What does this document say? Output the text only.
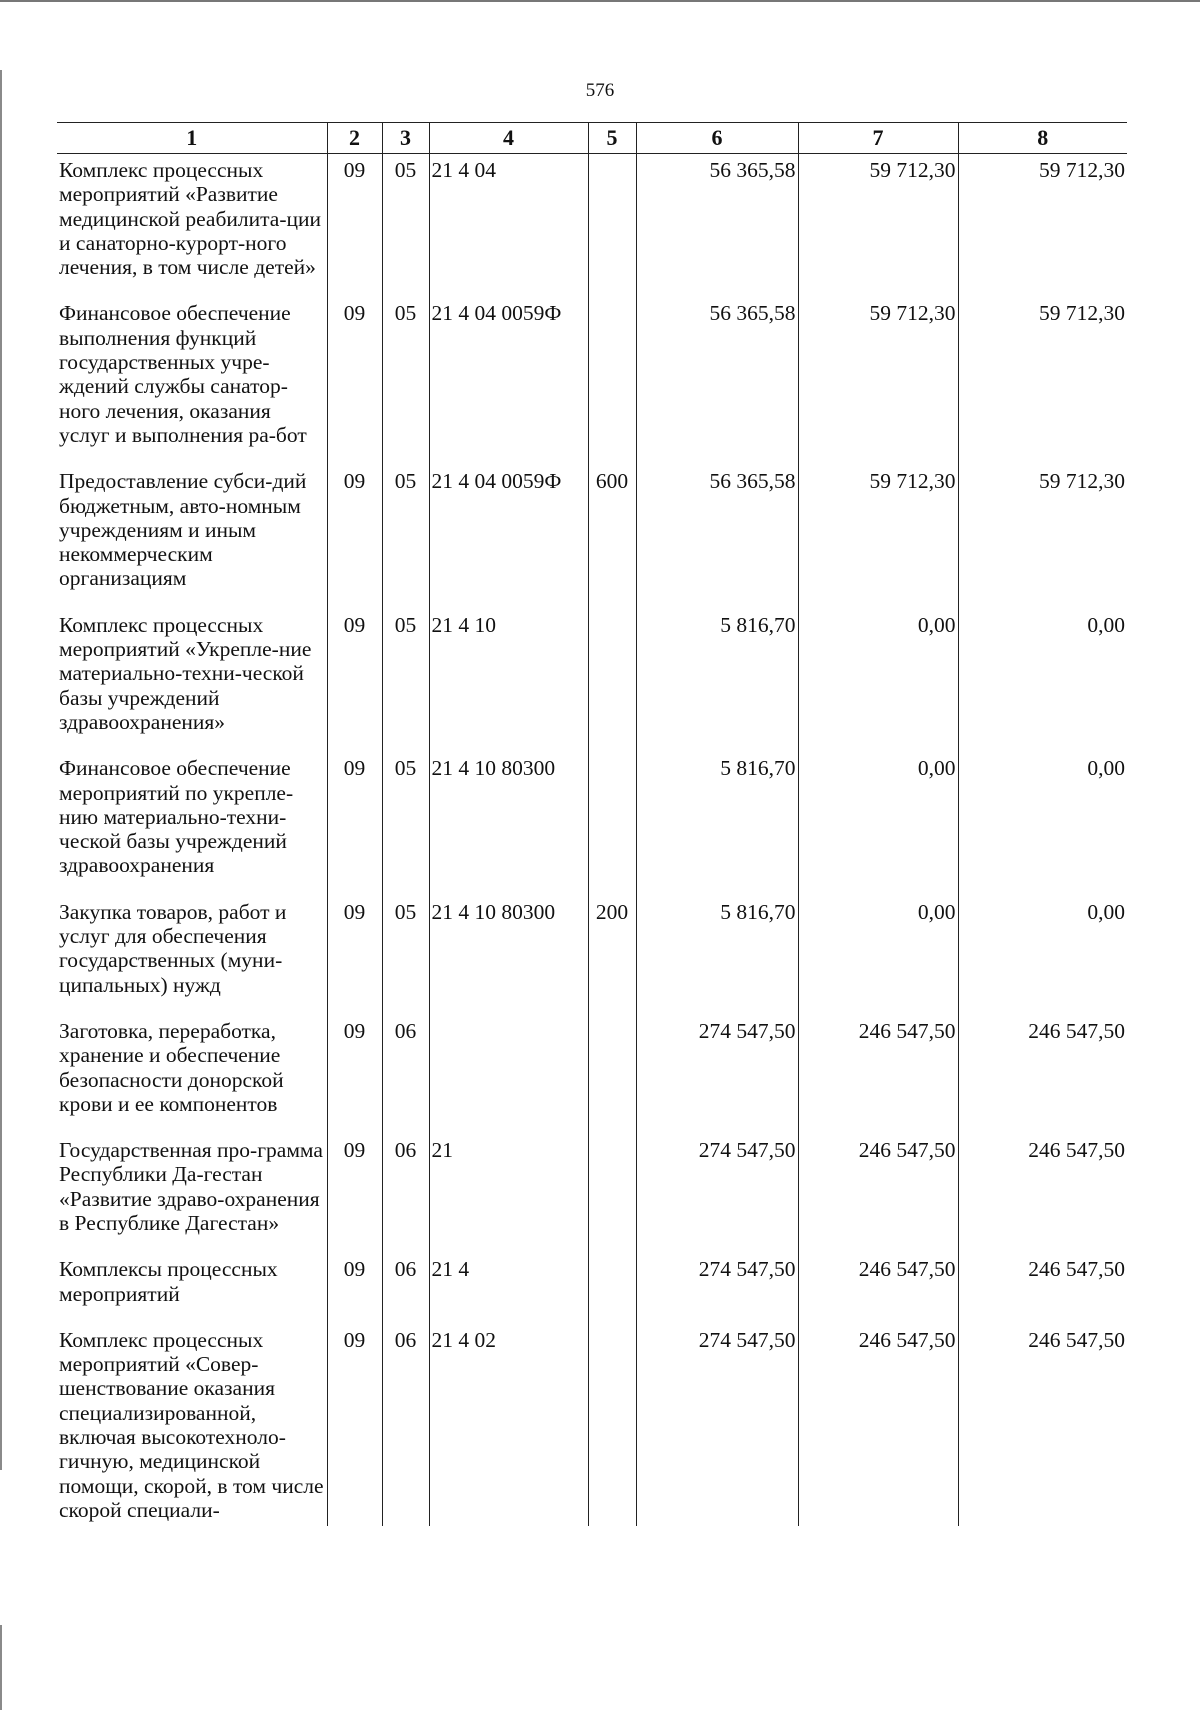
576
1	2	3	4	5	6	7	8
Комплекс процессных мероприятий «Развитие медицинской реабилита-ции и санаторно-курорт-ного лечения, в том числе детей»	09	05	21 4 04		56 365,58	59 712,30	59 712,30
Финансовое обеспечение выполнения функций государственных учре-ждений службы санатор-ного лечения, оказания услуг и выполнения ра-бот	09	05	21 4 04 0059Ф		56 365,58	59 712,30	59 712,30
Предоставление субси-дий бюджетным, авто-номным учреждениям и иным некоммерческим организациям	09	05	21 4 04 0059Ф	600	56 365,58	59 712,30	59 712,30
Комплекс процессных мероприятий «Укрепле-ние материально-техни-ческой базы учреждений здравоохранения»	09	05	21 4 10		5 816,70	0,00	0,00
Финансовое обеспечение мероприятий по укрепле-нию материально-техни-ческой базы учреждений здравоохранения	09	05	21 4 10 80300		5 816,70	0,00	0,00
Закупка товаров, работ и услуг для обеспечения государственных (муни-ципальных) нужд	09	05	21 4 10 80300	200	5 816,70	0,00	0,00
Заготовка, переработка, хранение и обеспечение безопасности донорской крови и ее компонентов	09	06			274 547,50	246 547,50	246 547,50
Государственная про-грамма Республики Да-гестан «Развитие здраво-охранения в Республике Дагестан»	09	06	21		274 547,50	246 547,50	246 547,50
Комплексы процессных мероприятий	09	06	21 4		274 547,50	246 547,50	246 547,50
Комплекс процессных мероприятий «Совер-шенствование оказания специализированной, включая высокотехноло-гичную, медицинской помощи, скорой, в том числе скорой специали-	09	06	21 4 02		274 547,50	246 547,50	246 547,50
